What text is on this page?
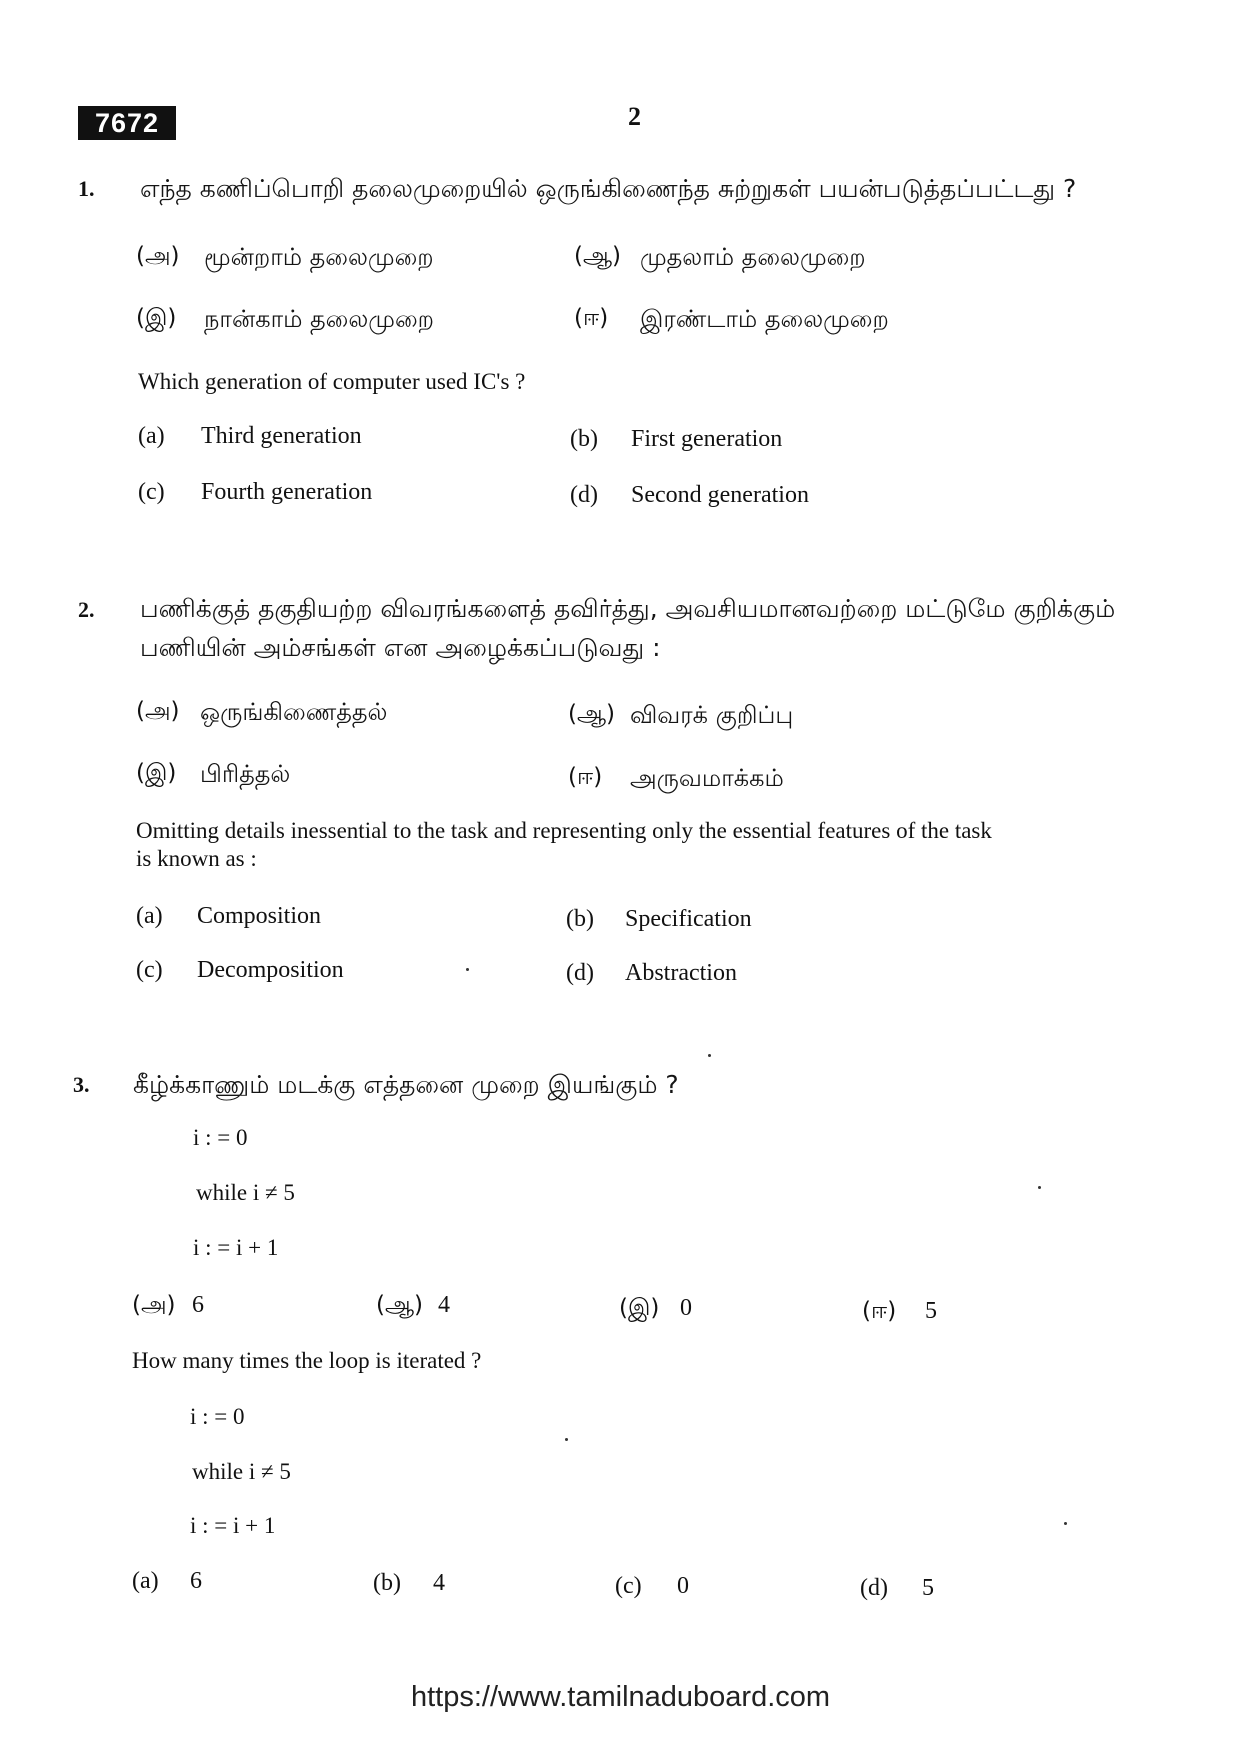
7672	2
1. எந்த கணிப்பொறி தலைமுறையில் ஒருங்கிணைந்த சுற்றுகள் பயன்படுத்தப்பட்டது ?
(அ) மூன்றாம் தலைமுறை	(ஆ) முதலாம் தலைமுறை
(இ) நான்காம் தலைமுறை	(ஈ) இரண்டாம் தலைமுறை
Which generation of computer used IC's ?
(a) Third generation	(b) First generation
(c) Fourth generation	(d) Second generation
2. பணிக்குத் தகுதியற்ற விவரங்களைத் தவிர்த்து, அவசியமானவற்றை மட்டுமே குறிக்கும்
பணியின் அம்சங்கள் என அழைக்கப்படுவது :
(அ) ஒருங்கிணைத்தல்	(ஆ) விவரக் குறிப்பு
(இ) பிரித்தல்	(ஈ) அருவமாக்கம்
Omitting details inessential to the task and representing only the essential features of the task
is known as :
(a) Composition	(b) Specification
(c) Decomposition	(d) Abstraction
3. கீழ்க்காணும் மடக்கு எத்தனை முறை இயங்கும் ?
i : = 0
while i ≠ 5
i : = i + 1
(அ) 6	(ஆ) 4	(இ) 0	(ஈ) 5
How many times the loop is iterated ?
i : = 0
while i ≠ 5
i : = i + 1
(a) 6	(b) 4	(c) 0	(d) 5
https://www.tamilnaduboard.com
